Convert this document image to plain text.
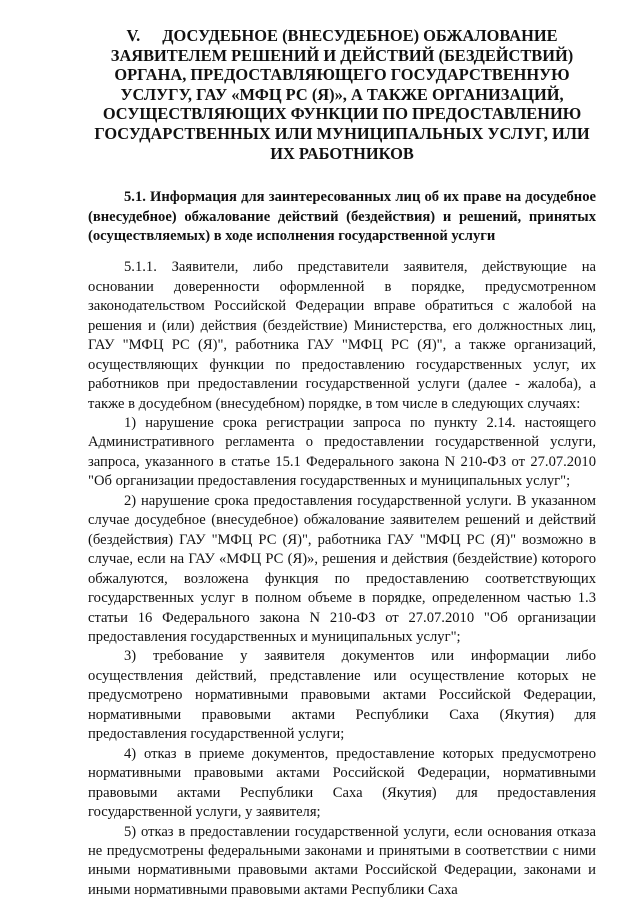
V. ДОСУДЕБНОЕ (ВНЕСУДЕБНОЕ) ОБЖАЛОВАНИЕ ЗАЯВИТЕЛЕМ РЕШЕНИЙ И ДЕЙСТВИЙ (БЕЗДЕЙСТВИЙ) ОРГАНА, ПРЕДОСТАВЛЯЮЩЕГО ГОСУДАРСТВЕННУЮ УСЛУГУ, ГАУ «МФЦ РС (Я)», А ТАКЖЕ ОРГАНИЗАЦИЙ, ОСУЩЕСТВЛЯЮЩИХ ФУНКЦИИ ПО ПРЕДОСТАВЛЕНИЮ ГОСУДАРСТВЕННЫХ ИЛИ МУНИЦИПАЛЬНЫХ УСЛУГ, ИЛИ ИХ РАБОТНИКОВ
5.1. Информация для заинтересованных лиц об их праве на досудебное (внесудебное) обжалование действий (бездействия) и решений, принятых (осуществляемых) в ходе исполнения государственной услуги

5.1.1. Заявители, либо представители заявителя, действующие на основании доверенности оформленной в порядке, предусмотренном законодательством Российской Федерации вправе обратиться с жалобой на решения и (или) действия (бездействие) Министерства, его должностных лиц, ГАУ "МФЦ РС (Я)", работника ГАУ "МФЦ РС (Я)", а также организаций, осуществляющих функции по предоставлению государственных услуг, их работников при предоставлении государственной услуги (далее - жалоба), а также в досудебном (внесудебном) порядке, в том числе в следующих случаях:

1) нарушение срока регистрации запроса по пункту 2.14. настоящего Административного регламента о предоставлении государственной услуги, запроса, указанного в статье 15.1 Федерального закона N 210-ФЗ от 27.07.2010 "Об организации предоставления государственных и муниципальных услуг";

2) нарушение срока предоставления государственной услуги. В указанном случае досудебное (внесудебное) обжалование заявителем решений и действий (бездействия) ГАУ "МФЦ РС (Я)", работника ГАУ "МФЦ РС (Я)" возможно в случае, если на ГАУ «МФЦ РС (Я)», решения и действия (бездействие) которого обжалуются, возложена функция по предоставлению соответствующих государственных услуг в полном объеме в порядке, определенном частью 1.3 статьи 16 Федерального закона N 210-ФЗ от 27.07.2010 "Об организации предоставления государственных и муниципальных услуг";

3) требование у заявителя документов или информации либо осуществления действий, представление или осуществление которых не предусмотрено нормативными правовыми актами Российской Федерации, нормативными правовыми актами Республики Саха (Якутия) для предоставления государственной услуги;

4) отказ в приеме документов, предоставление которых предусмотрено нормативными правовыми актами Российской Федерации, нормативными правовыми актами Республики Саха (Якутия) для предоставления государственной услуги, у заявителя;

5) отказ в предоставлении государственной услуги, если основания отказа не предусмотрены федеральными законами и принятыми в соответствии с ними иными нормативными правовыми актами Российской Федерации, законами и иными нормативными правовыми актами Республики Саха
